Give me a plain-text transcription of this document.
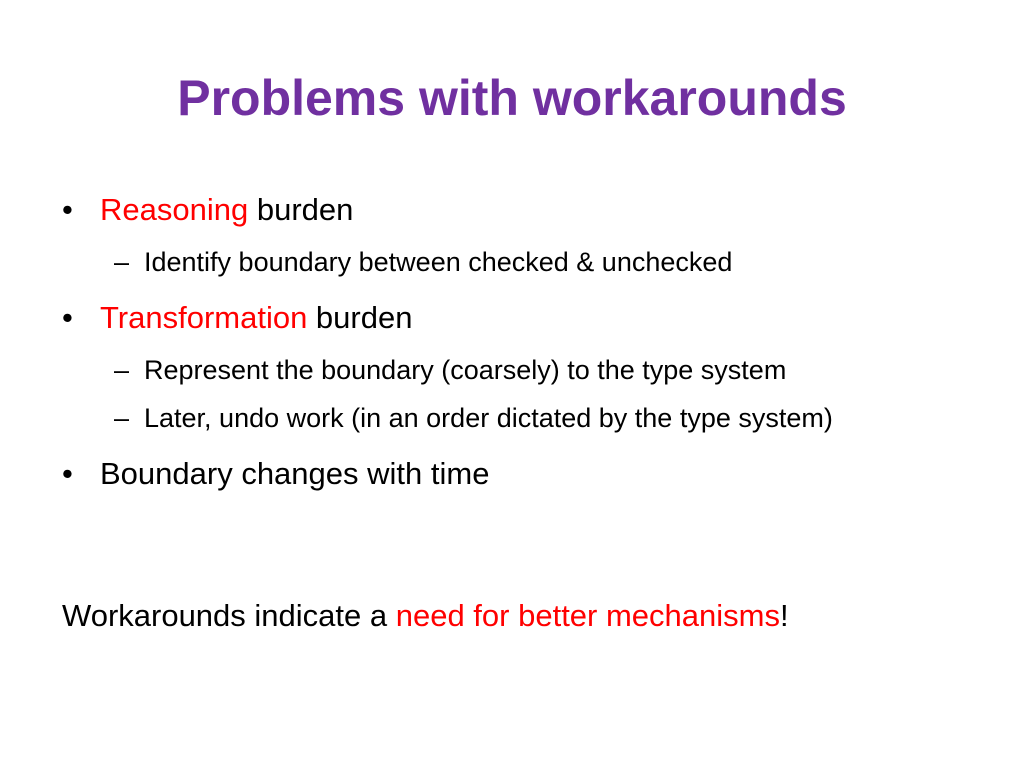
Problems with workarounds
• Reasoning burden
– Identify boundary between checked & unchecked
• Transformation burden
– Represent the boundary (coarsely) to the type system
– Later, undo work (in an order dictated by the type system)
• Boundary changes with time
Workarounds indicate a need for better mechanisms!
